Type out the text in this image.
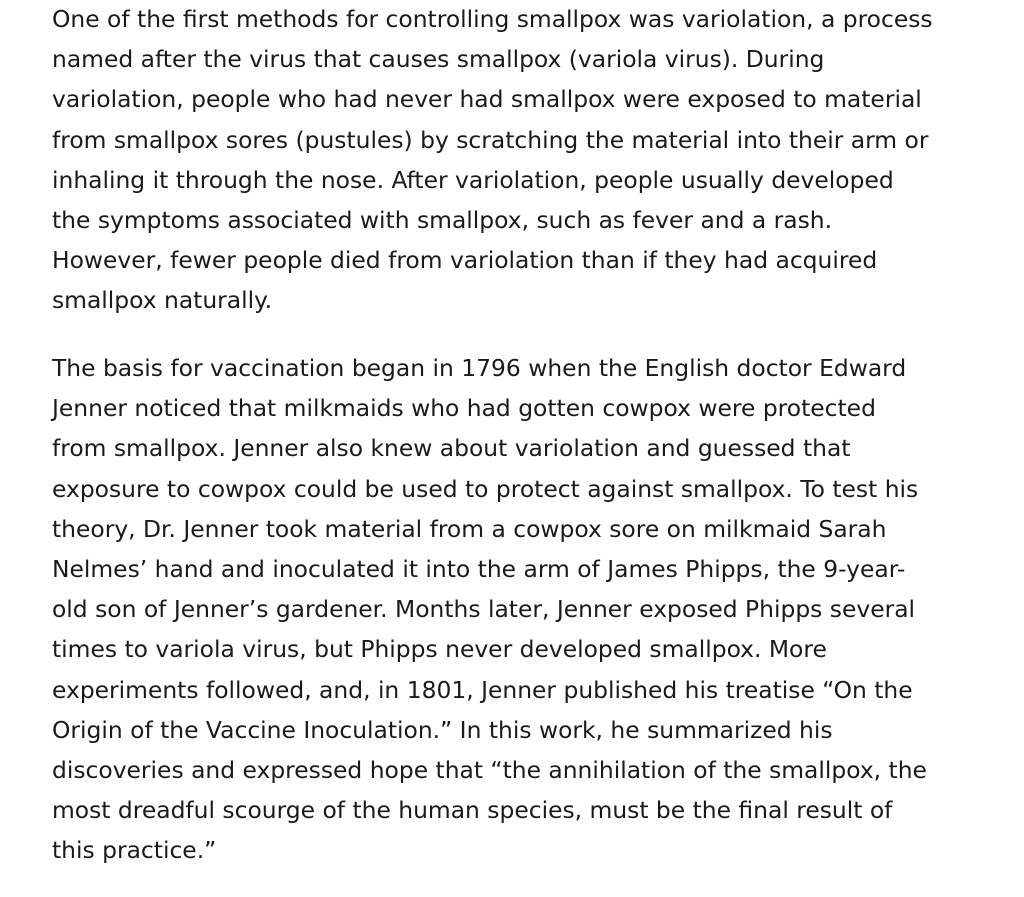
One of the first methods for controlling smallpox was variolation, a process
named after the virus that causes smallpox (variola virus). During
variolation, people who had never had smallpox were exposed to material
from smallpox sores (pustules) by scratching the material into their arm or
inhaling it through the nose. After variolation, people usually developed
the symptoms associated with smallpox, such as fever and a rash.
However, fewer people died from variolation than if they had acquired
smallpox naturally.
The basis for vaccination began in 1796 when the English doctor Edward
Jenner noticed that milkmaids who had gotten cowpox were protected
from smallpox. Jenner also knew about variolation and guessed that
exposure to cowpox could be used to protect against smallpox. To test his
theory, Dr. Jenner took material from a cowpox sore on milkmaid Sarah
Nelmes’ hand and inoculated it into the arm of James Phipps, the 9-year-
old son of Jenner’s gardener. Months later, Jenner exposed Phipps several
times to variola virus, but Phipps never developed smallpox. More
experiments followed, and, in 1801, Jenner published his treatise “On the
Origin of the Vaccine Inoculation.” In this work, he summarized his
discoveries and expressed hope that “the annihilation of the smallpox, the
most dreadful scourge of the human species, must be the final result of
this practice.”
